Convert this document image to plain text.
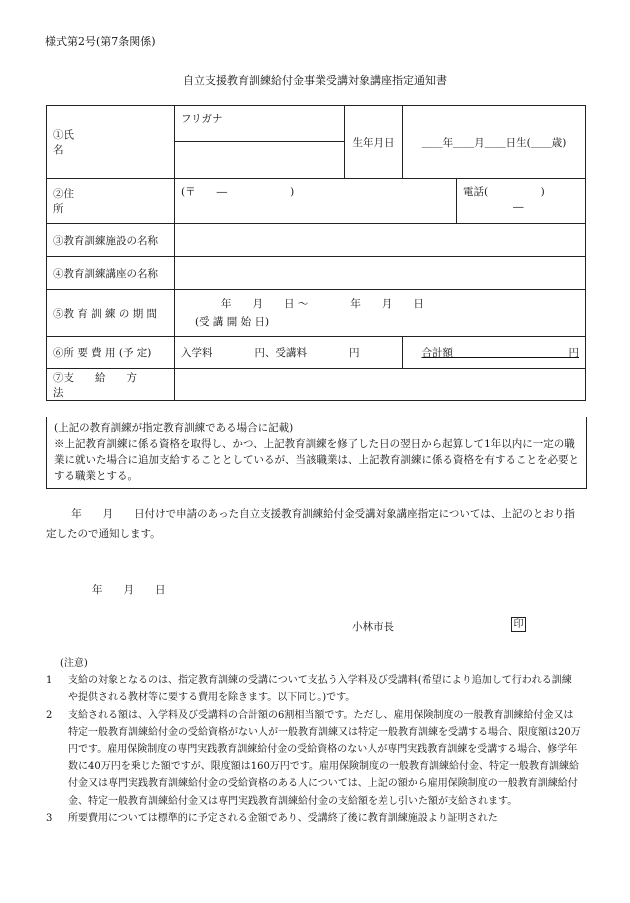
様式第2号(第7条関係)
自立支援教育訓練給付金事業受講対象講座指定通知書
①氏　　　　　　　　名	フリガナ	生年月日	＿＿年＿＿月＿＿日生(＿＿歳)	

②住　　　　　　　　所	(〒　　―　　　　　　)			電話(　　　　　)
―

③教育訓練施設の名称				
④教育訓練講座の名称				
⑤教 育 訓 練 の 期 間	年　　月　　日 ～　　　　年　　月　　日
(受 講 開 始 日)			

⑥所 要 費 用 (予 定)	入学料　　　　円、受講料　　　　円		合計額　　　　　　　　　　　円	
⑦支　　給　　方　　法				
(上記の教育訓練が指定教育訓練である場合に記載)
※上記教育訓練に係る資格を取得し、かつ、上記教育訓練を修了した日の翌日から起算して1年以内に一定の職業に就いた場合に追加支給することとしているが、当該職業は、上記教育訓練に係る資格を有することを必要とする職業とする。
年　　月　　日付けで申請のあった自立支援教育訓練給付金受講対象講座指定については、上記のとおり指定したので通知します。
年　　月　　日
小林市長	印
(注意)
1 支給の対象となるのは、指定教育訓練の受講について支払う入学料及び受講料(希望により追加して行われる訓練や提供される教材等に要する費用を除きます。以下同じ。)です。
2 支給される額は、入学料及び受講料の合計額の6割相当額です。ただし、雇用保険制度の一般教育訓練給付金又は特定一般教育訓練給付金の受給資格がない人が一般教育訓練又は特定一般教育訓練を受講する場合、限度額は20万円です。雇用保険制度の専門実践教育訓練給付金の受給資格のない人が専門実践教育訓練を受講する場合、修学年数に40万円を乗じた額ですが、限度額は160万円です。雇用保険制度の一般教育訓練給付金、特定一般教育訓練給付金又は専門実践教育訓練給付金の受給資格のある人については、上記の額から雇用保険制度の一般教育訓練給付金、特定一般教育訓練給付金又は専門実践教育訓練給付金の支給額を差し引いた額が支給されます。
3 所要費用については標準的に予定される金額であり、受講終了後に教育訓練施設より証明された
